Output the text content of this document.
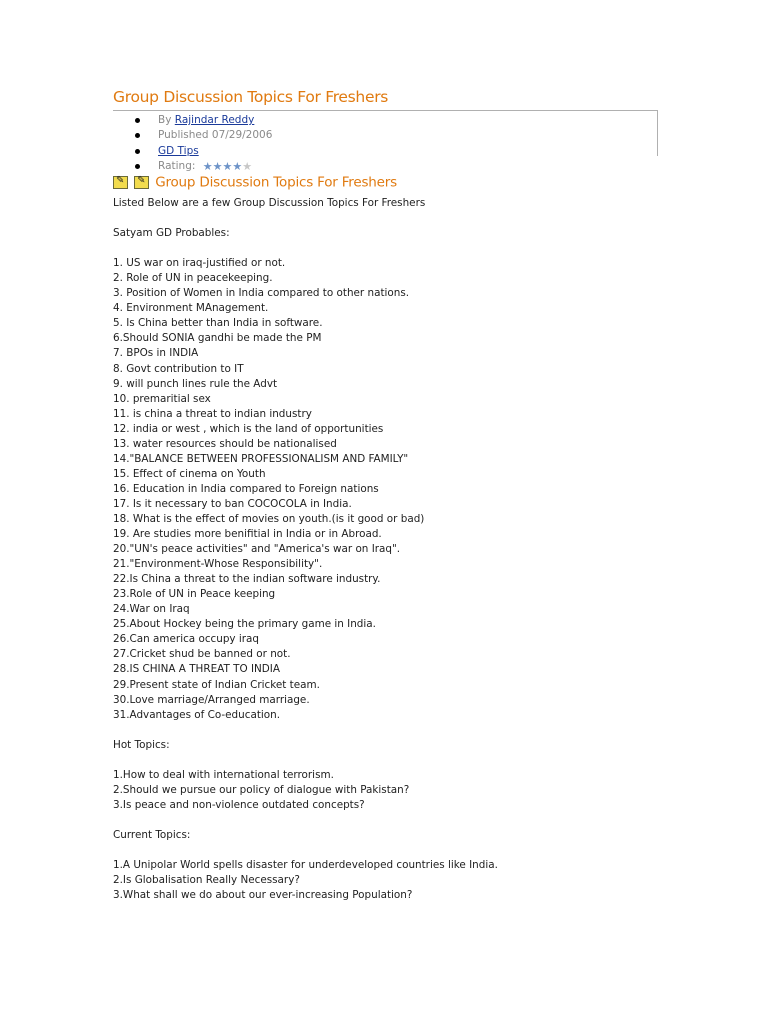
Group Discussion Topics For Freshers
By Rajindar Reddy
Published 07/29/2006
GD Tips
Rating: ★★★★★
✎
✎ Group Discussion Topics For Freshers
Listed Below are a few Group Discussion Topics For Freshers
Satyam GD Probables:
1. US war on iraq-justified or not.
2. Role of UN in peacekeeping.
3. Position of Women in India compared to other nations.
4. Environment MAnagement.
5. Is China better than India in software.
6.Should SONIA gandhi be made the PM
7. BPOs in INDIA
8. Govt contribution to IT
9. will punch lines rule the Advt
10. premaritial sex
11. is china a threat to indian industry
12. india or west , which is the land of opportunities
13. water resources should be nationalised
14."BALANCE BETWEEN PROFESSIONALISM AND FAMILY"
15. Effect of cinema on Youth
16. Education in India compared to Foreign nations
17. Is it necessary to ban COCOCOLA in India.
18. What is the effect of movies on youth.(is it good or bad)
19. Are studies more benifitial in India or in Abroad.
20."UN's peace activities" and "America's war on Iraq".
21."Environment-Whose Responsibility".
22.Is China a threat to the indian software industry.
23.Role of UN in Peace keeping
24.War on Iraq
25.About Hockey being the primary game in India.
26.Can america occupy iraq
27.Cricket shud be banned or not.
28.IS CHINA A THREAT TO INDIA
29.Present state of Indian Cricket team.
30.Love marriage/Arranged marriage.
31.Advantages of Co-education.
Hot Topics:
1.How to deal with international terrorism.
2.Should we pursue our policy of dialogue with Pakistan?
3.Is peace and non-violence outdated concepts?
Current Topics:
1.A Unipolar World spells disaster for underdeveloped countries like India.
2.Is Globalisation Really Necessary?
3.What shall we do about our ever-increasing Population?
